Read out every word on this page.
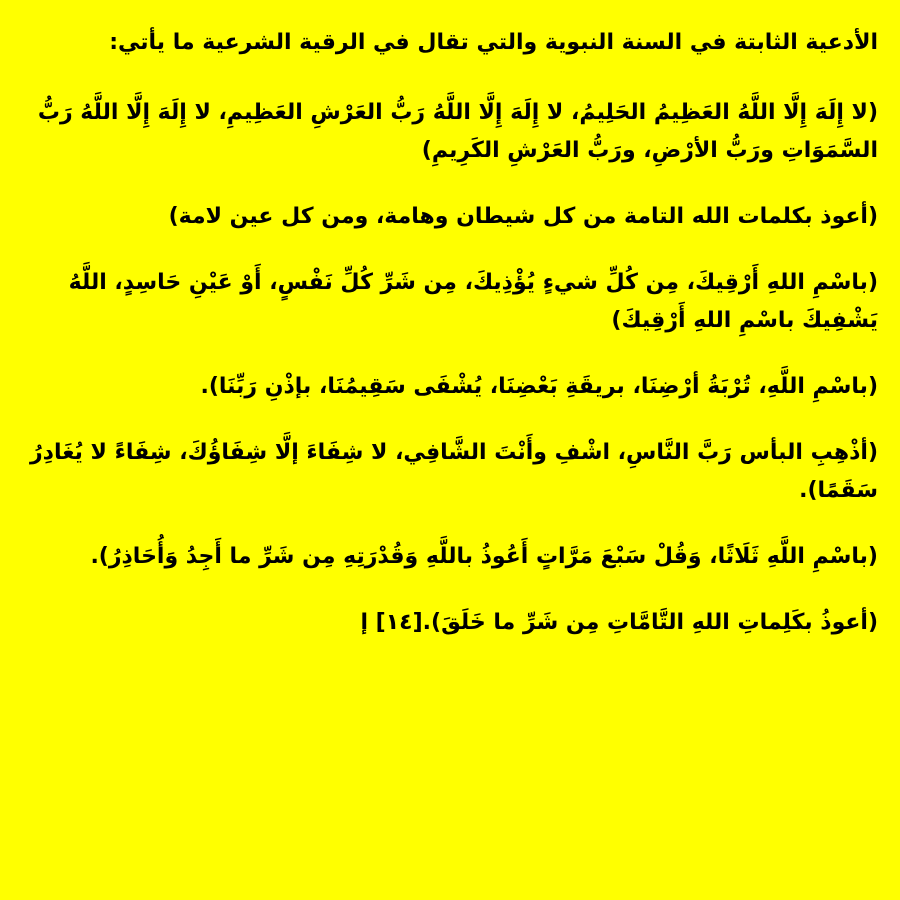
الأدعية الثابتة في السنة النبوية والتي تقال في الرقية الشرعية ما يأتي:
(لا إِلَهَ إِلَّا اللَّهُ العَظِيمُ الحَلِيمُ، لا إِلَهَ إِلَّا اللَّهُ رَبُّ العَرْشِ العَظِيمِ، لا إِلَهَ إِلَّا اللَّهُ رَبُّ السَّمَوَاتِ ورَبُّ الأرْضِ، ورَبُّ العَرْشِ الكَرِيمِ)
(أعوذ بكلمات الله التامة من كل شيطان وهامة، ومن كل عين لامة)
(باسْمِ اللهِ أَرْقِيكَ، مِن كُلِّ شيءٍ يُؤْذِيكَ، مِن شَرِّ كُلِّ نَفْسٍ، أَوْ عَيْنِ حَاسِدٍ، اللَّهُ يَشْفِيكَ باسْمِ اللهِ أَرْقِيكَ)
(باسْمِ اللَّهِ، تُرْبَةُ أرْضِنَا، بريقَةِ بَعْضِنَا، يُشْفَى سَقِيمُنَا، بإذْنِ رَبِّنَا).
(أذْهِبِ البأس رَبَّ النَّاسِ، اشْفِ وأَنْتَ الشَّافِي، لا شِفَاءَ إلَّا شِفَاؤُكَ، شِفَاءً لا يُغَادِرُ سَقَمًا).
(باسْمِ اللَّهِ ثَلَاثًا، وَقُلْ سَبْعَ مَرَّاتٍ أَعُوذُ باللَّهِ وَقُدْرَتِهِ مِن شَرِّ ما أَجِدُ وَأُحَاذِرُ).
(أعوذُ بكَلِماتِ اللهِ التَّامَّاتِ مِن شَرِّ ما خَلَقَ).[١٤] إ
